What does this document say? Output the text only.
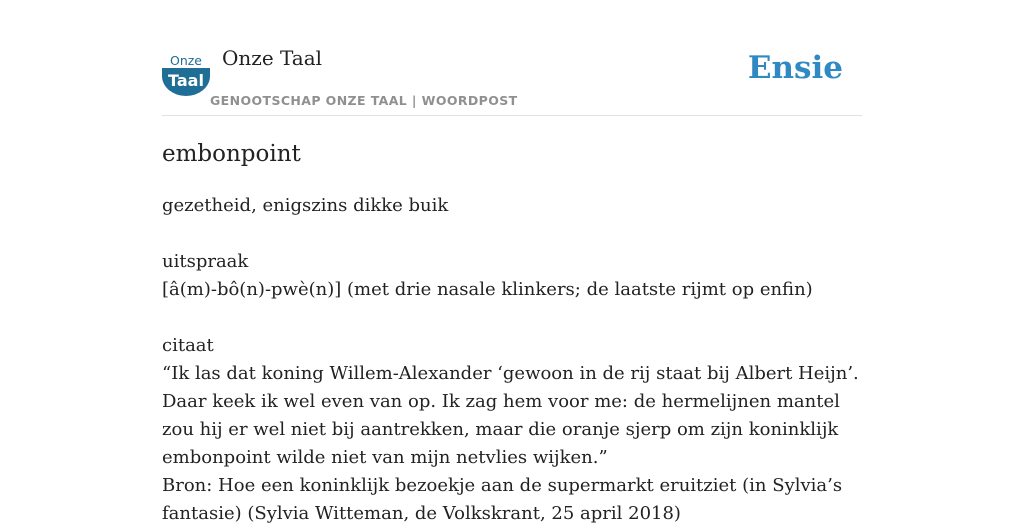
Onze
Taal
Onze Taal
GENOOTSCHAP ONZE TAAL | WOORDPOST
Ensie
embonpoint

gezetheid, enigszins dikke buik

uitspraak

[â(m)-bô(n)-pwè(n)] (met drie nasale klinkers; de laatste rijmt op enfin)

citaat

“Ik las dat koning Willem-Alexander ‘gewoon in de rij staat bij Albert Heijn’. Daar keek ik wel even van op. Ik zag hem voor me: de hermelijnen mantel zou hij er wel niet bij aantrekken, maar die oranje sjerp om zijn koninklijk embonpoint wilde niet van mijn netvlies wijken.”

Bron: Hoe een koninklijk bezoekje aan de supermarkt eruitziet (in Sylvia’s fantasie) (Sylvia Witteman, de Volkskrant, 25 april 2018)
